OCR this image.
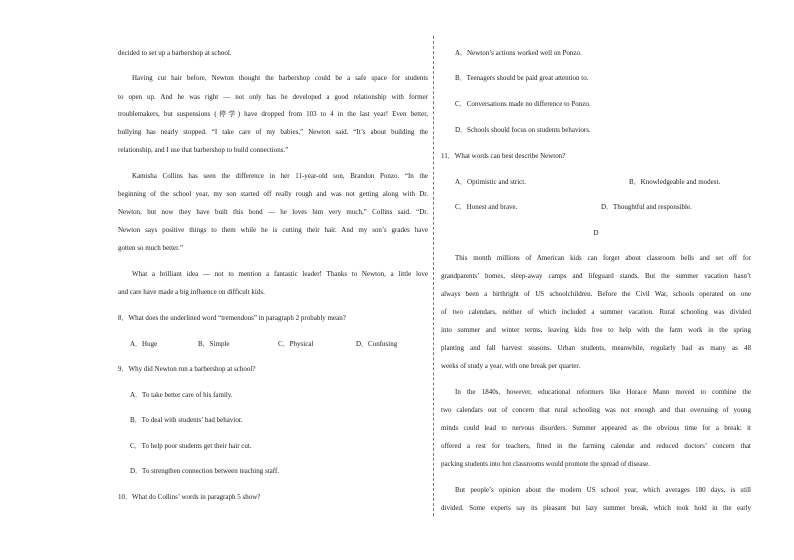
decided to set up a barbershop at school.
Having cut hair before, Newton thought the barbershop could be a safe space for students
to open up. And he was right — not only has he developed a good relationship with former
troublemakers, but suspensions (停学) have dropped from 103 to 4 in the last year! Even better,
bullying has nearly stopped. “I take care of my babies,” Newton said. “It’s about building the
relationship, and I use that barbershop to build connections.”
Kamisha Collins has seen the difference in her 11-year-old son, Brandon Ponzo. “In the
beginning of the school year, my son started off really rough and was not getting along with Dr.
Newton, but now they have built this bond — he loves him very much,” Collins said. “Dr.
Newton says positive things to them while he is cutting their hair. And my son’s grades have
gotten so much better.”
What a brilliant idea — not to mention a fantastic leader! Thanks to Newton, a little love
and care have made a big influence on difficult kids.
8．What does the underlined word “tremendous” in paragraph 2 probably mean?
A．Huge	B．Simple	C．Physical	D．Confusing
9．Why did Newton run a barbershop at school?
A．To take better care of his family.
B．To deal with students’ bad behavior.
C．To help poor students get their hair cut.
D．To strengthen connection between teaching staff.
10．What do Collins’ words in paragraph 5 show?
A．Newton’s actions worked well on Ponzo.
B．Teenagers should be paid great attention to.
C．Conversations made no difference to Ponzo.
D．Schools should focus on students behaviors.
11．What words can best describe Newton?
A．Optimistic and strict.	B．Knowledgeable and modest.
C．Honest and brave.	D．Thoughtful and responsible.
D
This month millions of American kids can forget about classroom bells and set off for
grandparents’ homes, sleep-away camps and lifeguard stands. But the summer vacation hasn’t
always been a birthright of US schoolchildren. Before the Civil War, schools operated on one
of two calendars, neither of which included a summer vacation. Rural schooling was divided
into summer and winter terms, leaving kids free to help with the farm work in the spring
planting and fall harvest seasons. Urban students, meanwhile, regularly had as many as 48
weeks of study a year, with one break per quarter.
In the 1840s, however, educational reformers like Horace Mann moved to combine the
two calendars out of concern that rural schooling was not enough and that overusing of young
minds could lead to nervous disorders. Summer appeared as the obvious time for a break: it
offered a rest for teachers, fitted in the farming calendar and reduced doctors’ concern that
packing students into hot classrooms would promote the spread of disease.
But people’s opinion about the modern US school year, which averages 180 days, is still
divided. Some experts say its pleasant but lazy summer break, which took hold in the early
